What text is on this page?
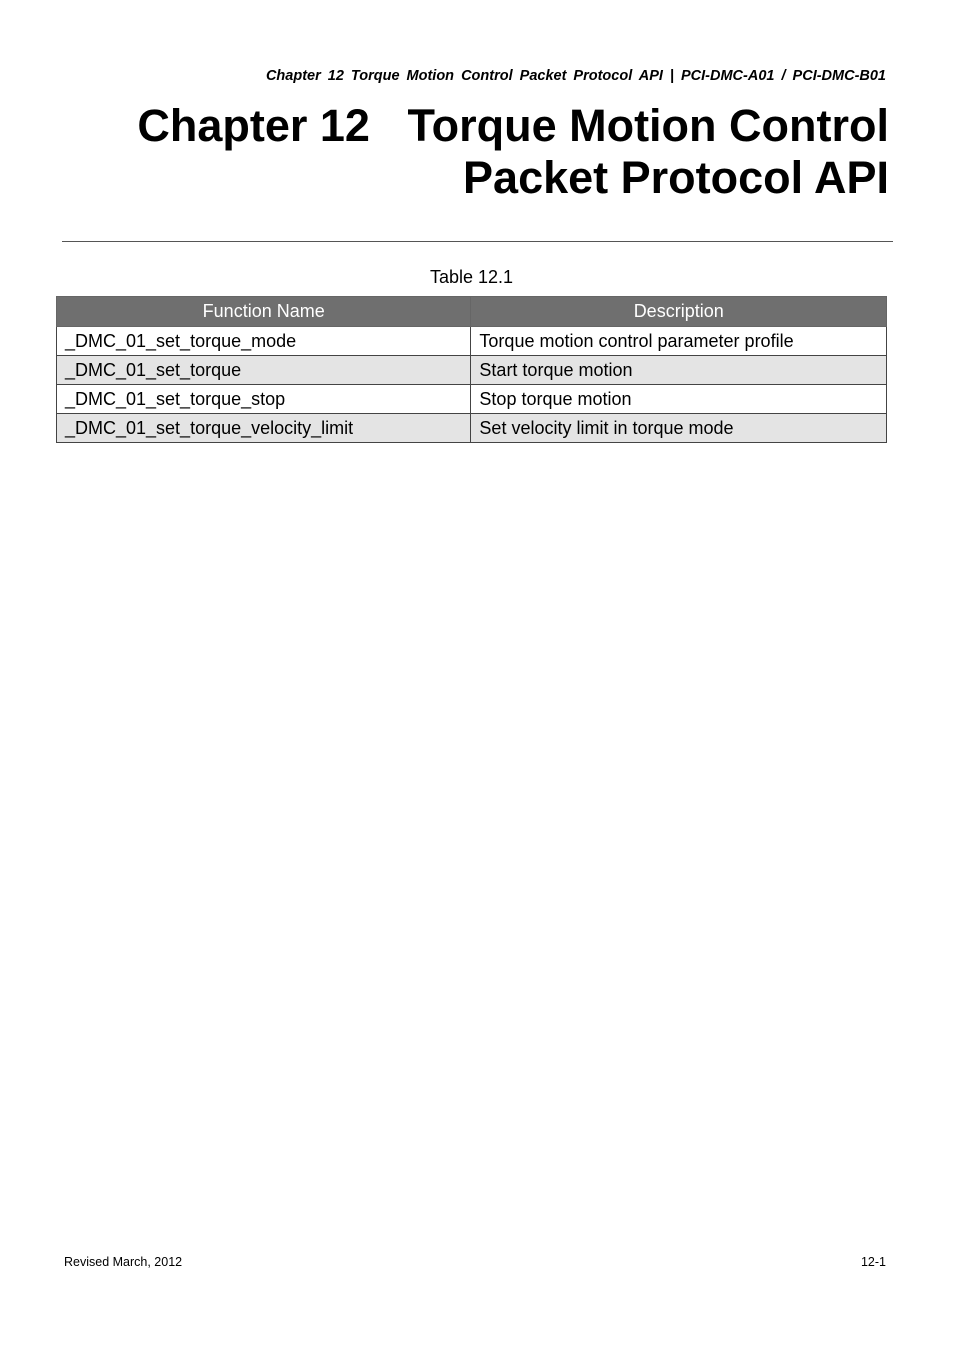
Chapter 12 Torque Motion Control Packet Protocol API | PCI-DMC-A01 / PCI-DMC-B01
Chapter 12   Torque Motion Control
Packet Protocol API
Table 12.1
Function Name	Description
_DMC_01_set_torque_mode	Torque motion control parameter profile
_DMC_01_set_torque	Start torque motion
_DMC_01_set_torque_stop	Stop torque motion
_DMC_01_set_torque_velocity_limit	Set velocity limit in torque mode
Revised March, 2012	12-1
